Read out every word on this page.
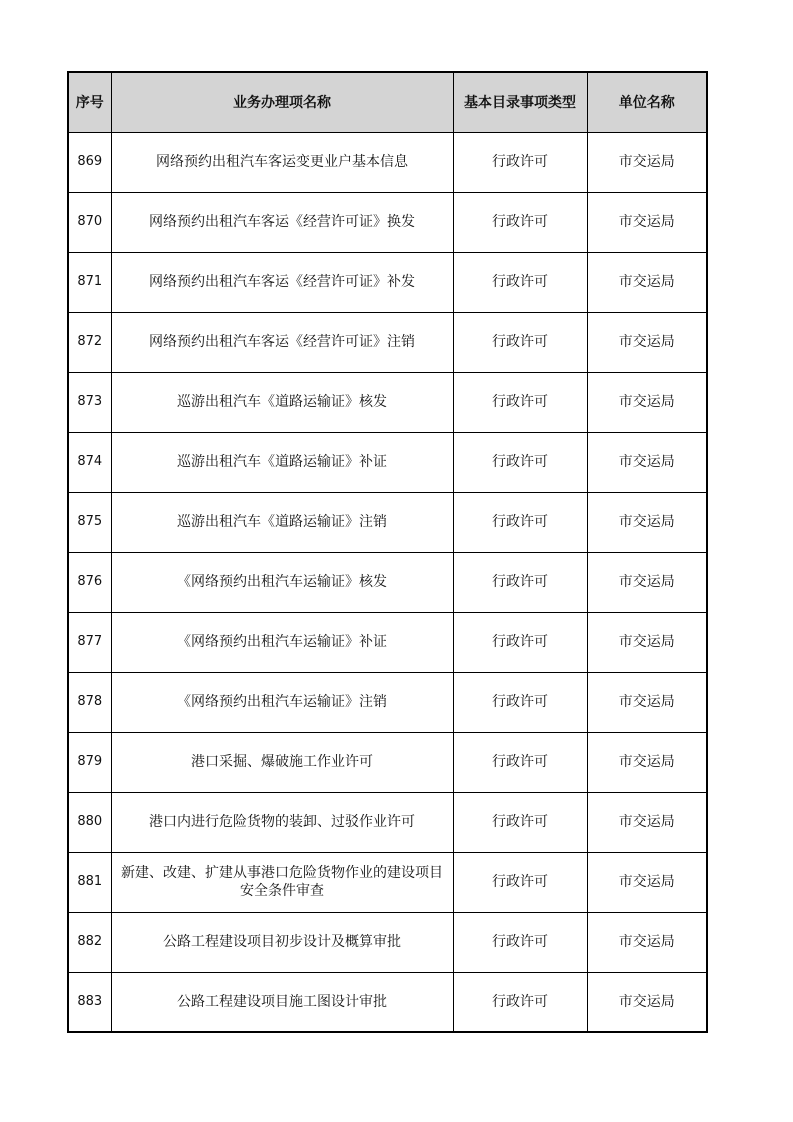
序号	业务办理项名称	基本目录事项类型	单位名称
869	网络预约出租汽车客运变更业户基本信息	行政许可	市交运局
870	网络预约出租汽车客运《经营许可证》换发	行政许可	市交运局
871	网络预约出租汽车客运《经营许可证》补发	行政许可	市交运局
872	网络预约出租汽车客运《经营许可证》注销	行政许可	市交运局
873	巡游出租汽车《道路运输证》核发	行政许可	市交运局
874	巡游出租汽车《道路运输证》补证	行政许可	市交运局
875	巡游出租汽车《道路运输证》注销	行政许可	市交运局
876	《网络预约出租汽车运输证》核发	行政许可	市交运局
877	《网络预约出租汽车运输证》补证	行政许可	市交运局
878	《网络预约出租汽车运输证》注销	行政许可	市交运局
879	港口采掘、爆破施工作业许可	行政许可	市交运局
880	港口内进行危险货物的装卸、过驳作业许可	行政许可	市交运局
881	新建、改建、扩建从事港口危险货物作业的建设项目安全条件审查	行政许可	市交运局
882	公路工程建设项目初步设计及概算审批	行政许可	市交运局
883	公路工程建设项目施工图设计审批	行政许可	市交运局
